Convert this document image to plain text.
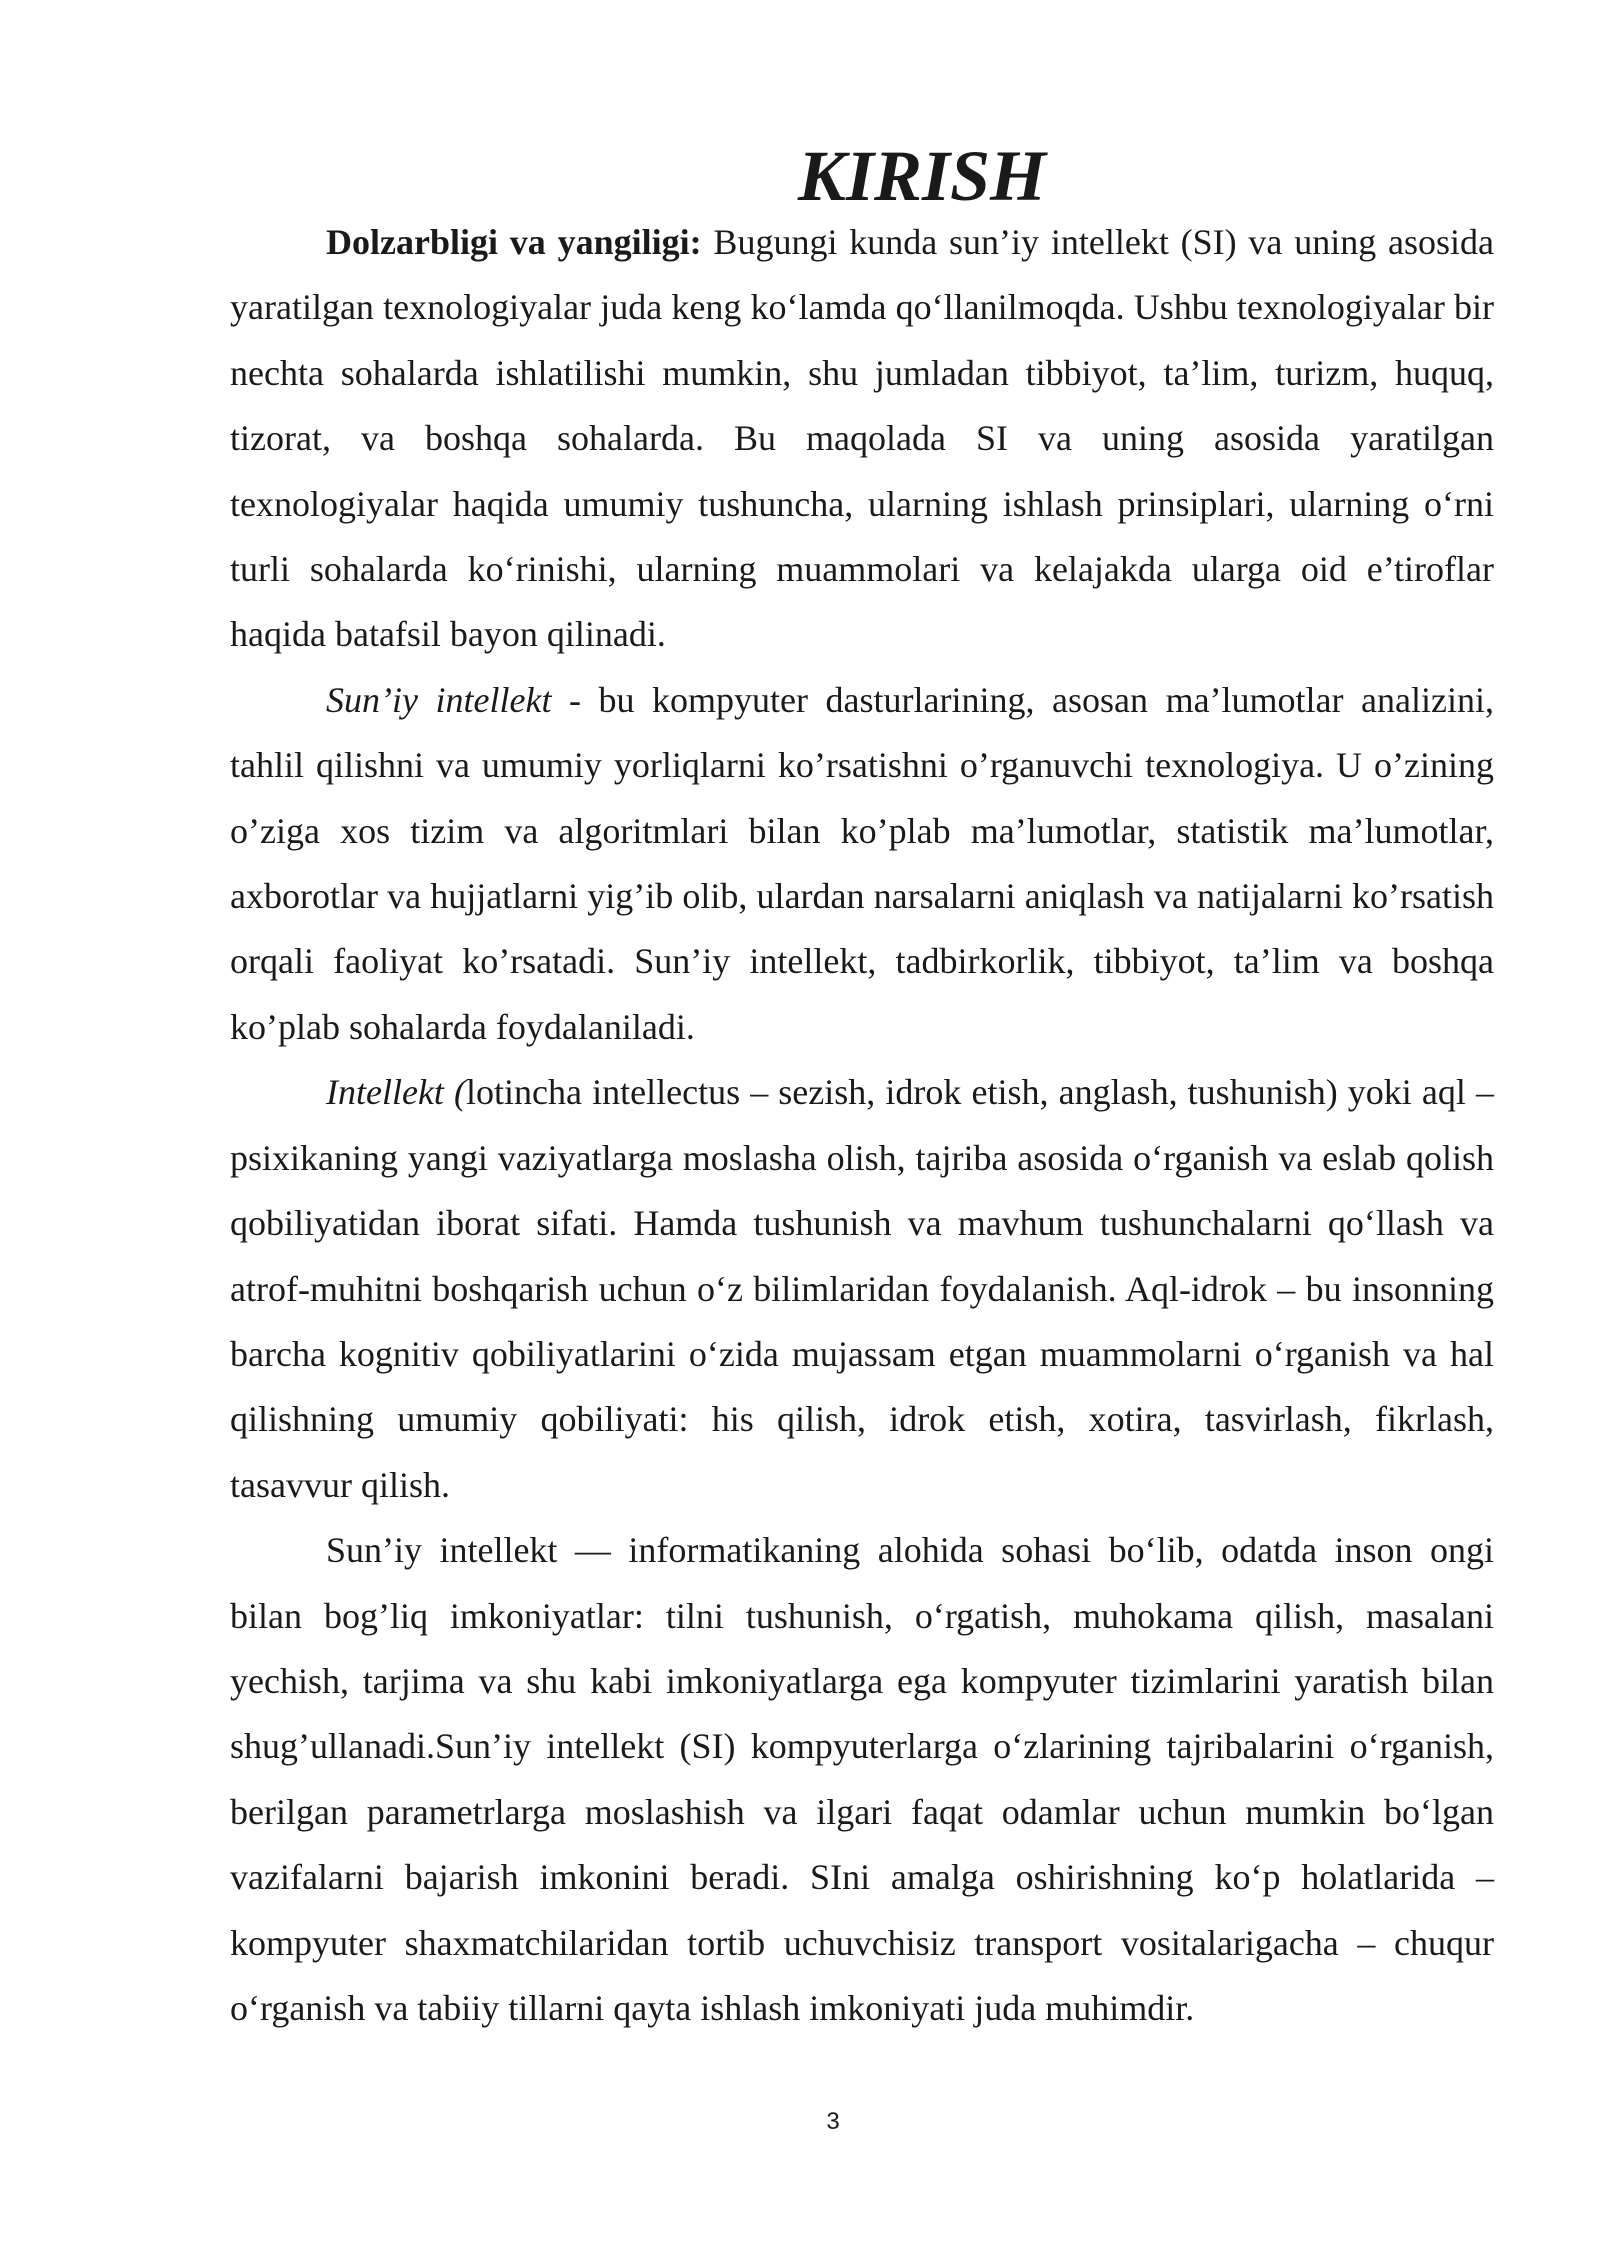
KIRISH

Dolzarbligi va yangiligi: Bugungi kunda sun’iy intellekt (SI) va uning asosida yaratilgan texnologiyalar juda keng ko‘lamda qo‘llanilmoqda. Ushbu texnologiyalar bir nechta sohalarda ishlatilishi mumkin, shu jumladan tibbiyot, ta’lim, turizm, huquq, tizorat, va boshqa sohalarda. Bu maqolada SI va uning asosida yaratilgan texnologiyalar haqida umumiy tushuncha, ularning ishlash prinsiplari, ularning o‘rni turli sohalarda ko‘rinishi, ularning muammolari va kelajakda ularga oid e’tiroflar haqida batafsil bayon qilinadi.

Sun’iy intellekt - bu kompyuter dasturlarining, asosan ma’lumotlar analizini, tahlil qilishni va umumiy yorliqlarni ko’rsatishni o’rganuvchi texnologiya. U o’zining o’ziga xos tizim va algoritmlari bilan ko’plab ma’lumotlar, statistik ma’lumotlar, axborotlar va hujjatlarni yig’ib olib, ulardan narsalarni aniqlash va natijalarni ko’rsatish orqali faoliyat ko’rsatadi. Sun’iy intellekt, tadbirkorlik, tibbiyot, ta’lim va boshqa ko’plab sohalarda foydalaniladi.

Intellekt (lotincha intellectus – sezish, idrok etish, anglash, tushunish) yoki aql – psixikaning yangi vaziyatlarga moslasha olish, tajriba asosida o‘rganish va eslab qolish qobiliyatidan iborat sifati. Hamda tushunish va mavhum tushunchalarni qo‘llash va atrof-muhitni boshqarish uchun o‘z bilimlaridan foydalanish. Aql-idrok – bu insonning barcha kognitiv qobiliyatlarini o‘zida mujassam etgan muammolarni o‘rganish va hal qilishning umumiy qobiliyati: his qilish, idrok etish, xotira, tasvirlash, fikrlash, tasavvur qilish.

Sun’iy intellekt — informatikaning alohida sohasi bo‘lib, odatda inson ongi bilan bog’liq imkoniyatlar: tilni tushunish, o‘rgatish, muhokama qilish, masalani yechish, tarjima va shu kabi imkoniyatlarga ega kompyuter tizimlarini yaratish bilan shug’ullanadi.Sun’iy intellekt (SI) kompyuterlarga o‘zlarining tajribalarini o‘rganish, berilgan parametrlarga moslashish va ilgari faqat odamlar uchun mumkin bo‘lgan vazifalarni bajarish imkonini beradi. SIni amalga oshirishning ko‘p holatlarida – kompyuter shaxmatchilaridan tortib uchuvchisiz transport vositalarigacha – chuqur o‘rganish va tabiiy tillarni qayta ishlash imkoniyati juda muhimdir.

3
